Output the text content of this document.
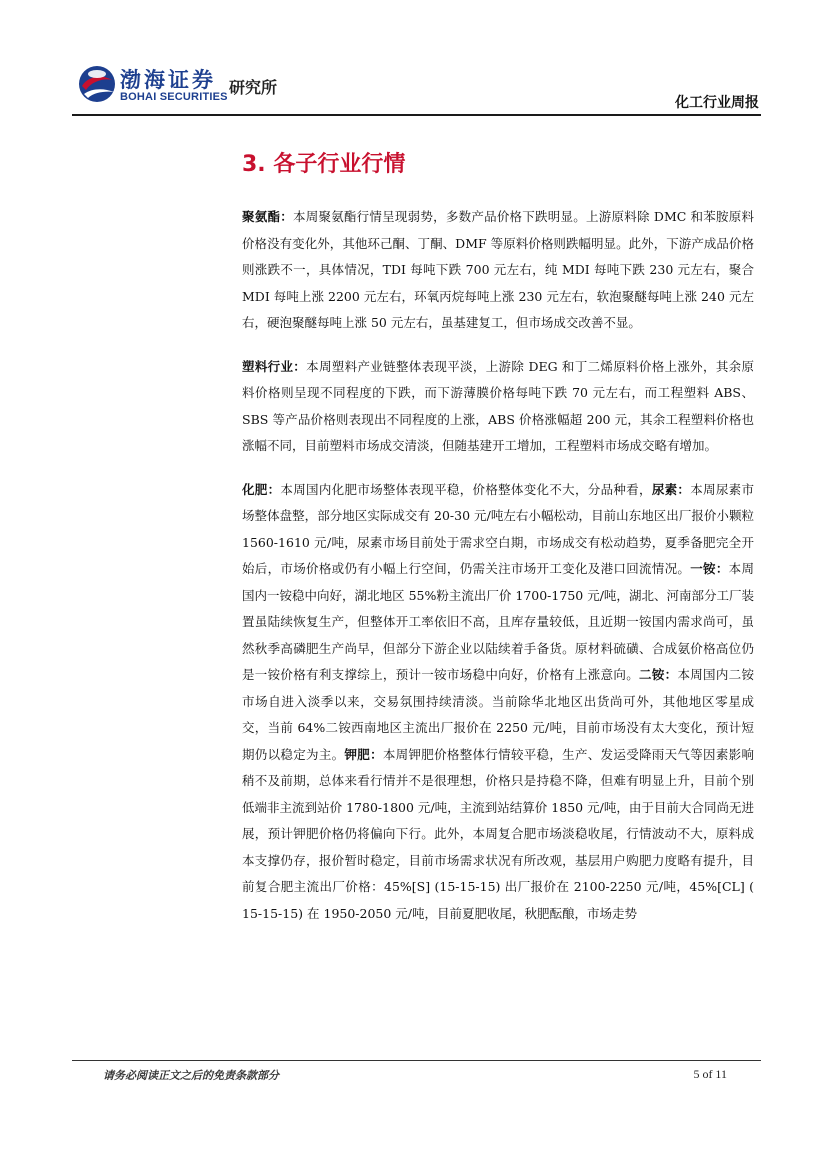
渤海证券
BOHAI SECURITIES 研究所
化工行业周报
3. 各子行业行情

聚氨酯：本周聚氨酯行情呈现弱势，多数产品价格下跌明显。上游原料除 DMC 和苯胺原料价格没有变化外，其他环己酮、丁酮、DMF 等原料价格则跌幅明显。此外，下游产成品价格则涨跌不一，具体情况，TDI 每吨下跌 700 元左右，纯 MDI 每吨下跌 230 元左右，聚合 MDI 每吨上涨 2200 元左右，环氧丙烷每吨上涨 230 元左右，软泡聚醚每吨上涨 240 元左右，硬泡聚醚每吨上涨 50 元左右，虽基建复工，但市场成交改善不显。

塑料行业：本周塑料产业链整体表现平淡，上游除 DEG 和丁二烯原料价格上涨外，其余原料价格则呈现不同程度的下跌，而下游薄膜价格每吨下跌 70 元左右，而工程塑料 ABS、SBS 等产品价格则表现出不同程度的上涨，ABS 价格涨幅超 200 元，其余工程塑料价格也涨幅不同，目前塑料市场成交清淡，但随基建开工增加，工程塑料市场成交略有增加。

化肥：本周国内化肥市场整体表现平稳，价格整体变化不大，分品种看，尿素：本周尿素市场整体盘整，部分地区实际成交有 20-30 元/吨左右小幅松动，目前山东地区出厂报价小颗粒 1560-1610 元/吨，尿素市场目前处于需求空白期，市场成交有松动趋势，夏季备肥完全开始后，市场价格或仍有小幅上行空间，仍需关注市场开工变化及港口回流情况。一铵：本周国内一铵稳中向好，湖北地区 55%粉主流出厂价 1700-1750 元/吨，湖北、河南部分工厂装置虽陆续恢复生产，但整体开工率依旧不高，且库存量较低，且近期一铵国内需求尚可，虽然秋季高磷肥生产尚早，但部分下游企业以陆续着手备货。原材料硫磺、合成氨价格高位仍是一铵价格有利支撑综上，预计一铵市场稳中向好，价格有上涨意向。二铵：本周国内二铵市场自进入淡季以来，交易氛围持续清淡。当前除华北地区出货尚可外，其他地区零星成交，当前 64%二铵西南地区主流出厂报价在 2250 元/吨，目前市场没有太大变化，预计短期仍以稳定为主。钾肥：本周钾肥价格整体行情较平稳，生产、发运受降雨天气等因素影响稍不及前期，总体来看行情并不是很理想，价格只是持稳不降，但难有明显上升，目前个别低端非主流到站价 1780-1800 元/吨，主流到站结算价 1850 元/吨，由于目前大合同尚无进展，预计钾肥价格仍将偏向下行。此外，本周复合肥市场淡稳收尾，行情波动不大，原料成本支撑仍存，报价暂时稳定，目前市场需求状况有所改观，基层用户购肥力度略有提升，目前复合肥主流出厂价格：45%[S] (15-15-15) 出厂报价在 2100-2250 元/吨，45%[CL] ( 15-15-15) 在 1950-2050 元/吨，目前夏肥收尾，秋肥酝酿，市场走势

请务必阅读正文之后的免责条款部分	5 of 11
